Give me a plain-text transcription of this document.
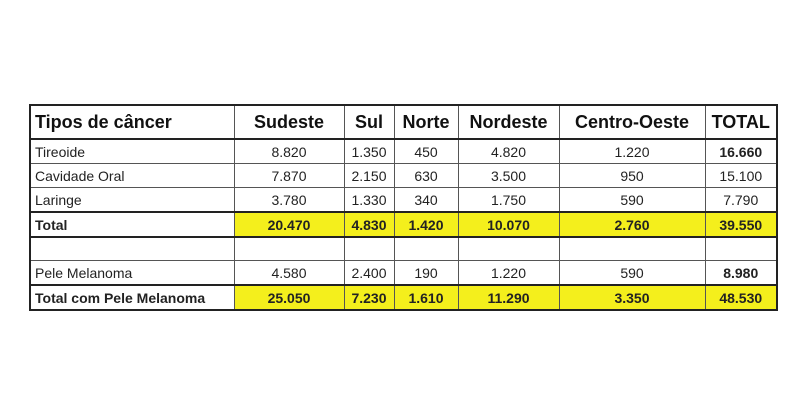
Tipos de câncer	Sudeste	Sul	Norte	Nordeste	Centro-Oeste	TOTAL
Tireoide	8.820	1.350	450	4.820	1.220	16.660
Cavidade Oral	7.870	2.150	630	3.500	950	15.100
Laringe	3.780	1.330	340	1.750	590	7.790
Total	20.470	4.830	1.420	10.070	2.760	39.550

Pele Melanoma	4.580	2.400	190	1.220	590	8.980
Total com Pele Melanoma	25.050	7.230	1.610	11.290	3.350	48.530
